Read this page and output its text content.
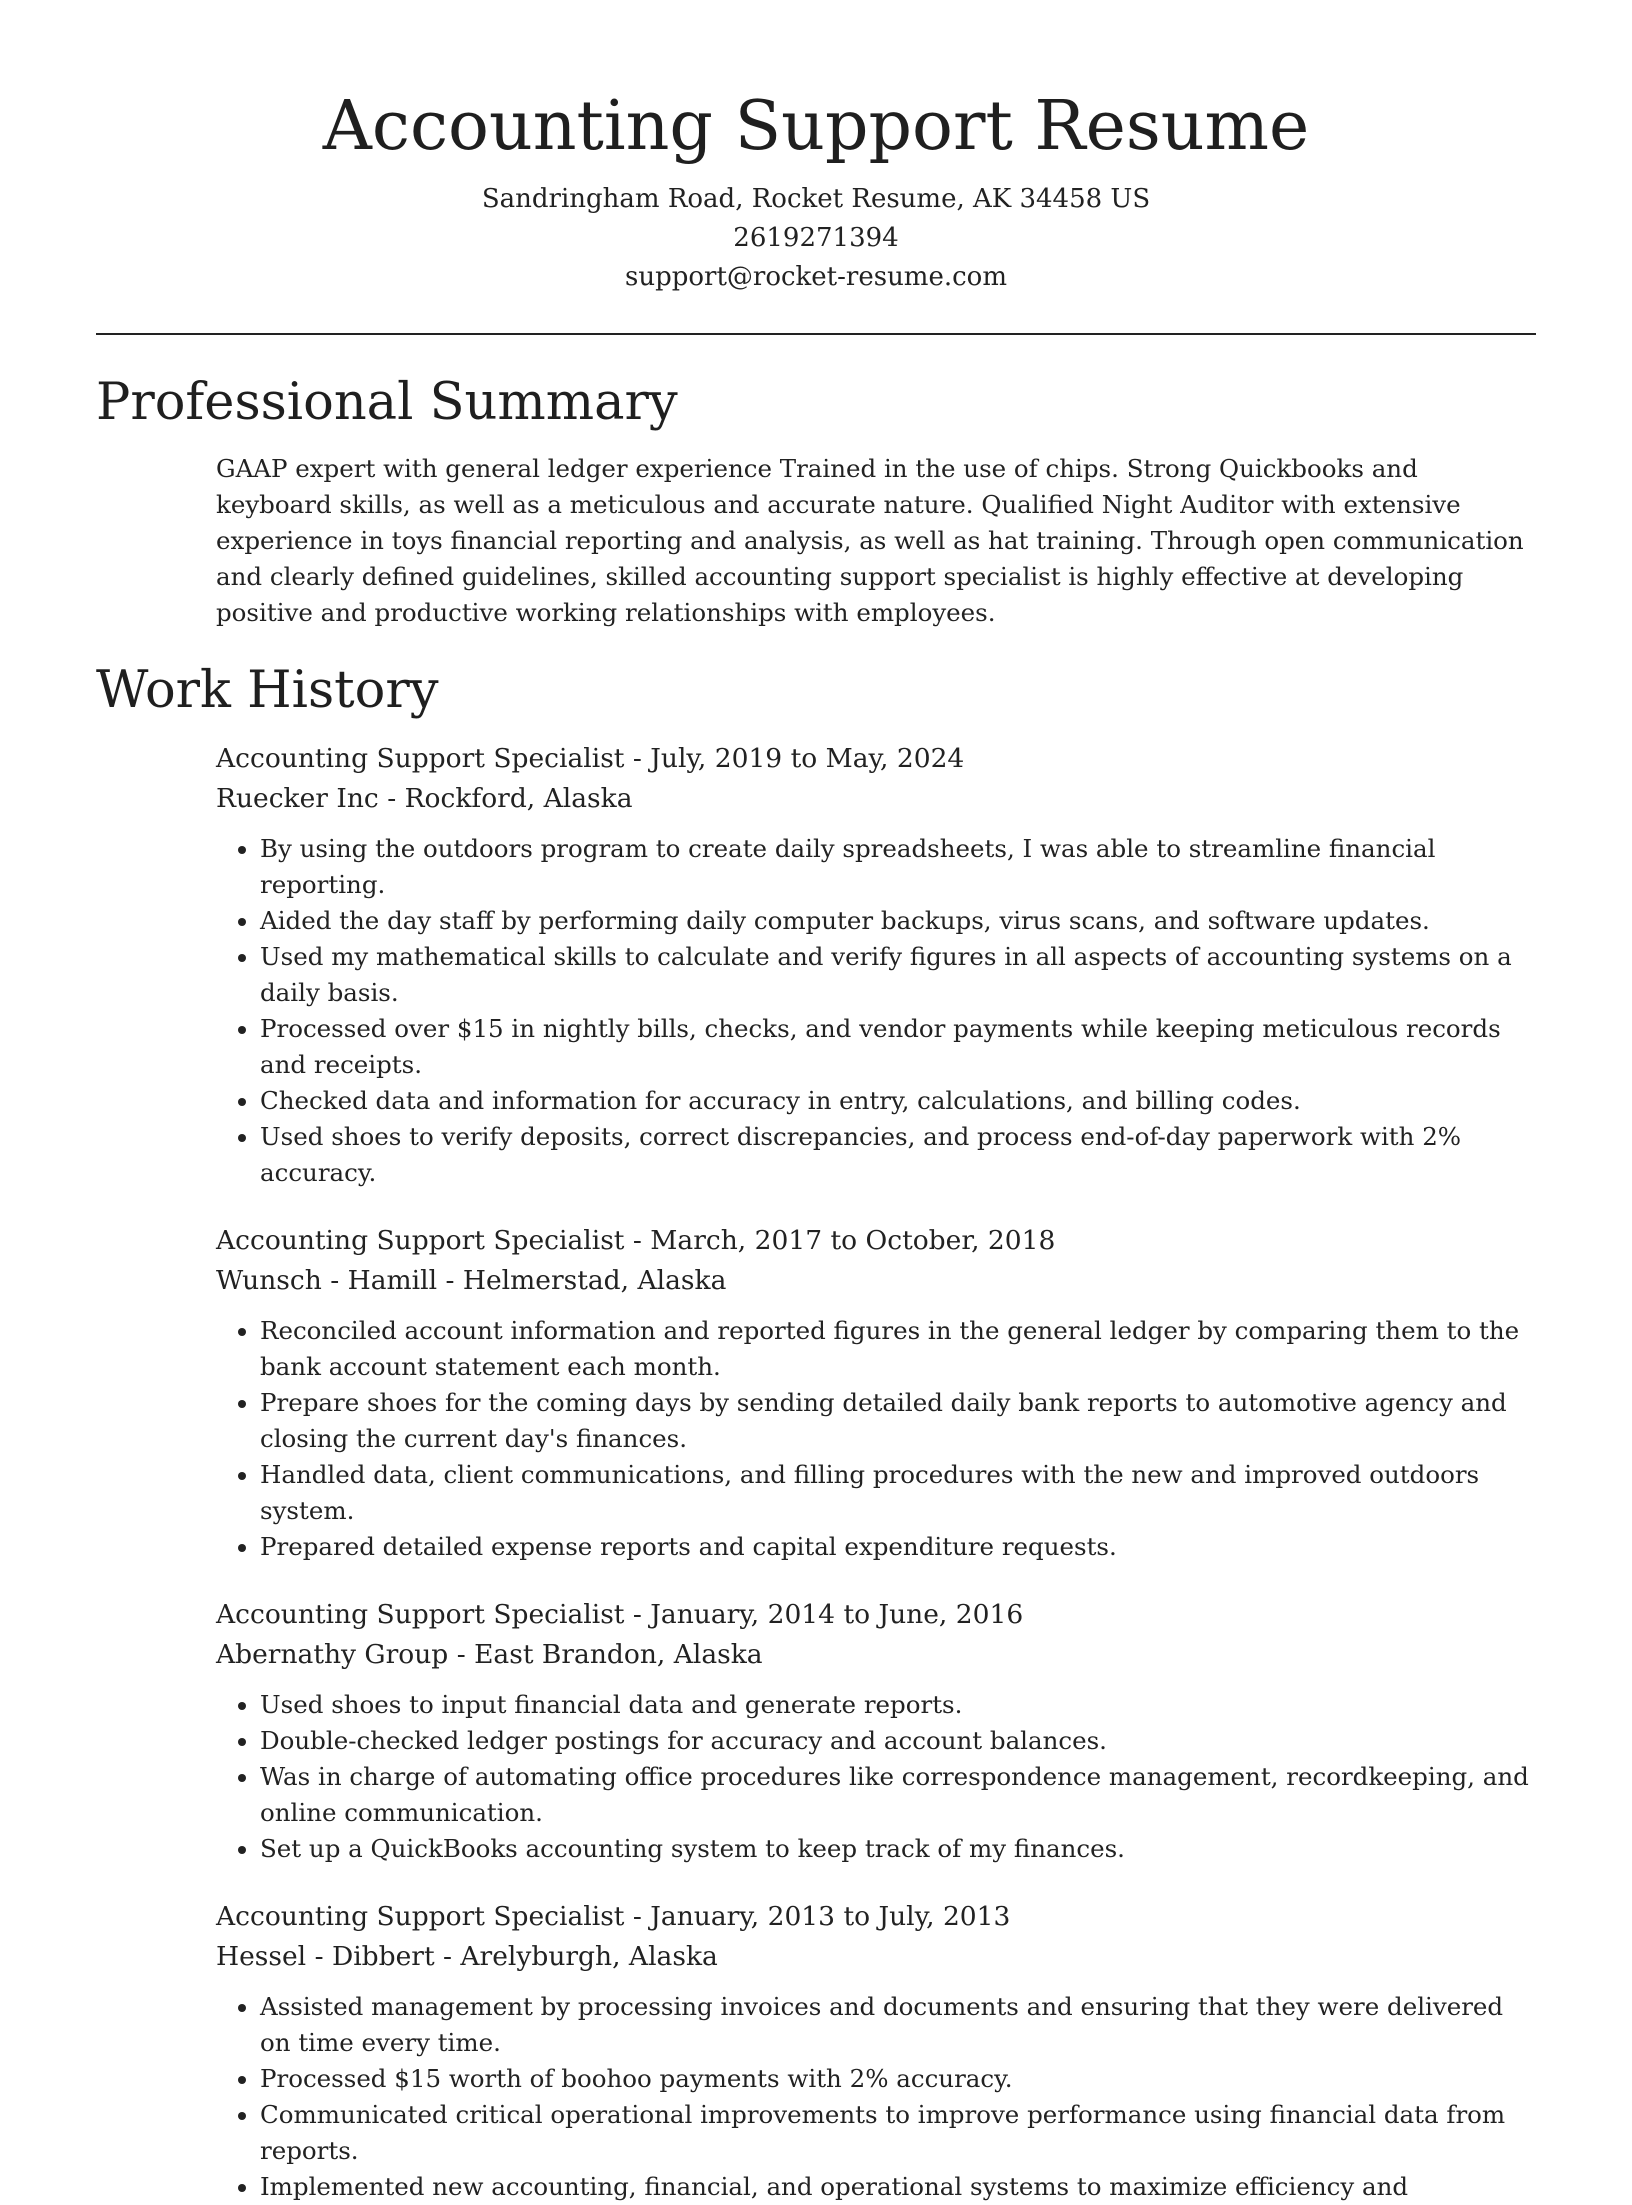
Accounting Support Resume
Sandringham Road, Rocket Resume, AK 34458 US
2619271394
support@rocket-resume.com
Professional Summary

GAAP expert with general ledger experience Trained in the use of chips. Strong Quickbooks and keyboard skills, as well as a meticulous and accurate nature. Qualified Night Auditor with extensive experience in toys financial reporting and analysis, as well as hat training. Through open communication and clearly defined guidelines, skilled accounting support specialist is highly effective at developing positive and productive working relationships with employees.

Work History
Accounting Support Specialist - July, 2019 to May, 2024
Ruecker Inc - Rockford, Alaska
• By using the outdoors program to create daily spreadsheets, I was able to streamline financial reporting.
• Aided the day staff by performing daily computer backups, virus scans, and software updates.
• Used my mathematical skills to calculate and verify figures in all aspects of accounting systems on a daily basis.
• Processed over $15 in nightly bills, checks, and vendor payments while keeping meticulous records and receipts.
• Checked data and information for accuracy in entry, calculations, and billing codes.
• Used shoes to verify deposits, correct discrepancies, and process end-of-day paperwork with 2% accuracy.
Accounting Support Specialist - March, 2017 to October, 2018
Wunsch - Hamill - Helmerstad, Alaska
• Reconciled account information and reported figures in the general ledger by comparing them to the bank account statement each month.
• Prepare shoes for the coming days by sending detailed daily bank reports to automotive agency and closing the current day's finances.
• Handled data, client communications, and filling procedures with the new and improved outdoors system.
• Prepared detailed expense reports and capital expenditure requests.
Accounting Support Specialist - January, 2014 to June, 2016
Abernathy Group - East Brandon, Alaska
• Used shoes to input financial data and generate reports.
• Double-checked ledger postings for accuracy and account balances.
• Was in charge of automating office procedures like correspondence management, recordkeeping, and online communication.
• Set up a QuickBooks accounting system to keep track of my finances.
Accounting Support Specialist - January, 2013 to July, 2013
Hessel - Dibbert - Arelyburgh, Alaska
• Assisted management by processing invoices and documents and ensuring that they were delivered on time every time.
• Processed $15 worth of boohoo payments with 2% accuracy.
• Communicated critical operational improvements to improve performance using financial data from reports.
• Implemented new accounting, financial, and operational systems to maximize efficiency and
